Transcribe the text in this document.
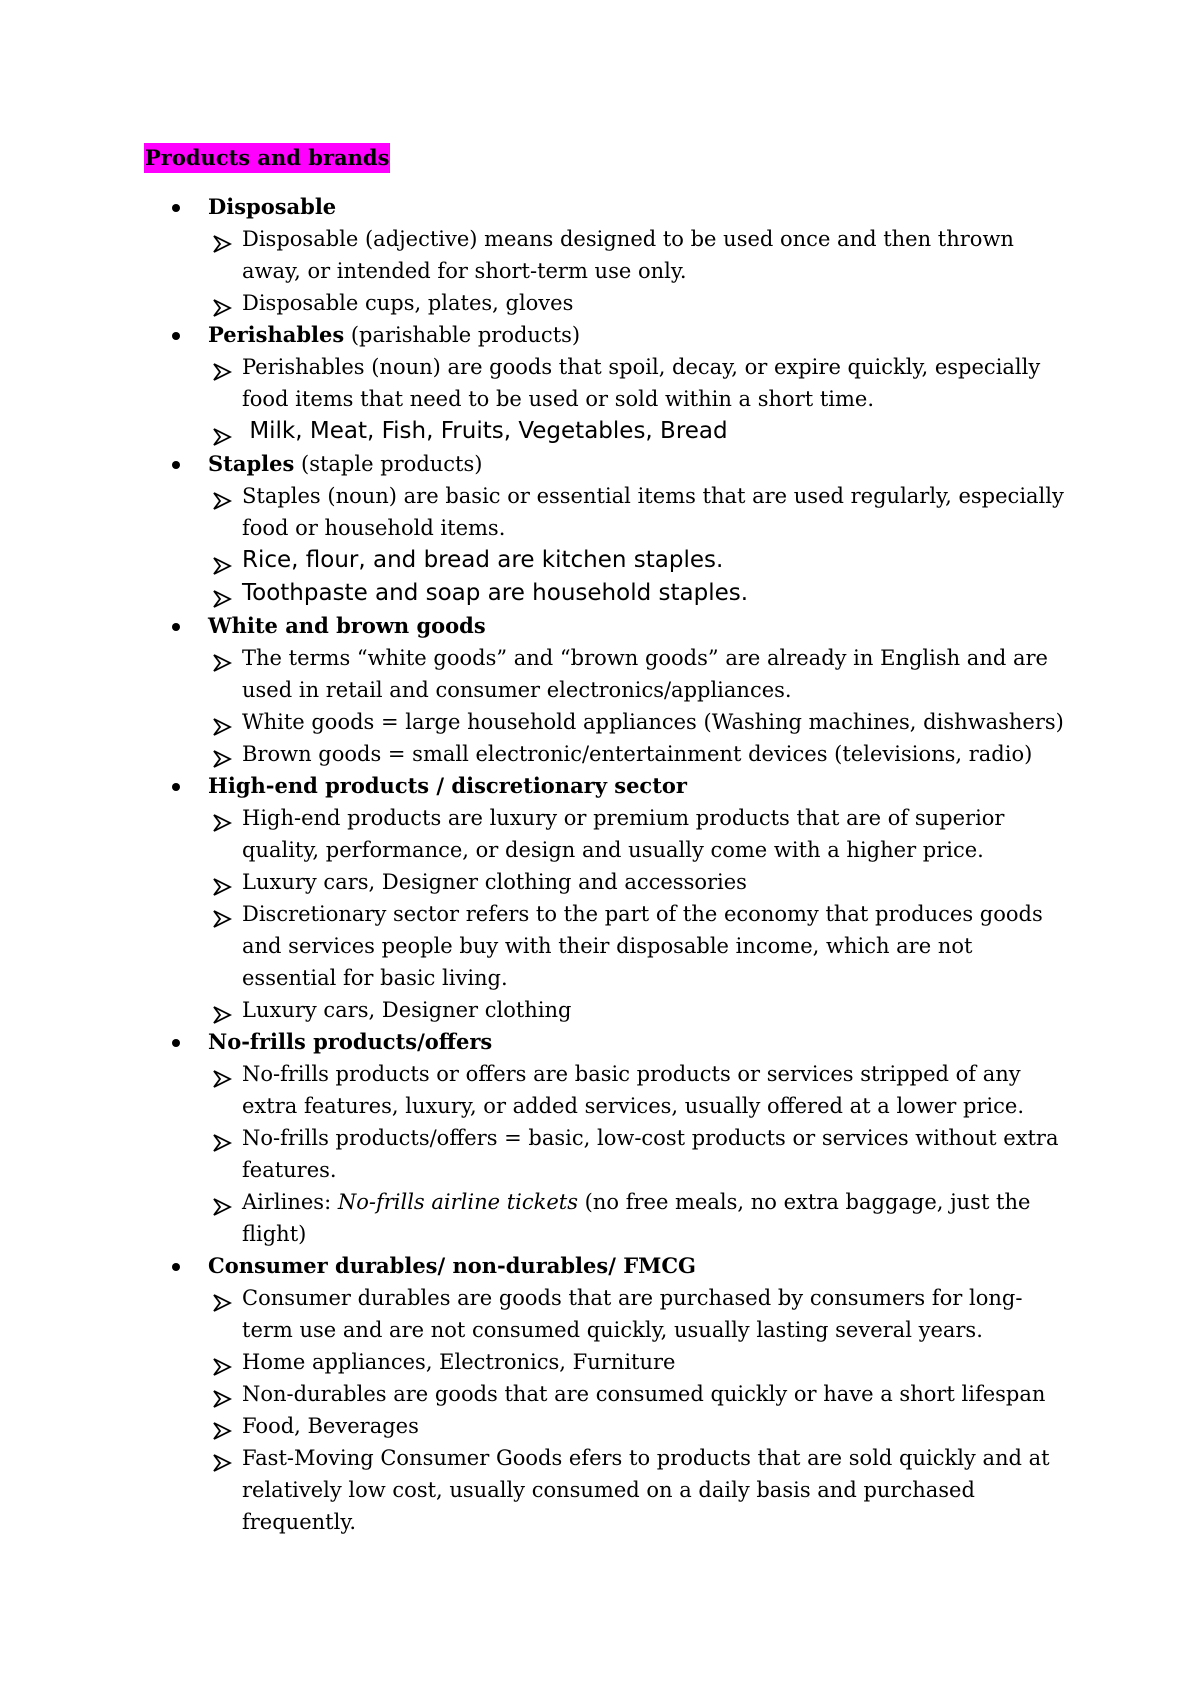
Products and brands
Disposable
Disposable (adjective) means designed to be used once and then thrown away, or intended for short-term use only.
Disposable cups, plates, gloves
Perishables (parishable products)
Perishables (noun) are goods that spoil, decay, or expire quickly, especially food items that need to be used or sold within a short time.
Milk, Meat, Fish, Fruits, Vegetables, Bread
Staples (staple products)
Staples (noun) are basic or essential items that are used regularly, especially food or household items.
Rice, flour, and bread are kitchen staples.
Toothpaste and soap are household staples.
White and brown goods
The terms “white goods” and “brown goods” are already in English and are used in retail and consumer electronics/appliances.
White goods = large household appliances (Washing machines, dishwashers)
Brown goods = small electronic/entertainment devices (televisions, radio)
High-end products / discretionary sector
High-end products are luxury or premium products that are of superior quality, performance, or design and usually come with a higher price.
Luxury cars, Designer clothing and accessories
Discretionary sector refers to the part of the economy that produces goods and services people buy with their disposable income, which are not essential for basic living.
Luxury cars, Designer clothing
No-frills products/offers
No-frills products or offers are basic products or services stripped of any extra features, luxury, or added services, usually offered at a lower price.
No-frills products/offers = basic, low-cost products or services without extra features.
Airlines: No-frills airline tickets (no free meals, no extra baggage, just the flight)
Consumer durables/ non-durables/ FMCG
Consumer durables are goods that are purchased by consumers for long-term use and are not consumed quickly, usually lasting several years.
Home appliances, Electronics, Furniture
Non-durables are goods that are consumed quickly or have a short lifespan
Food, Beverages
Fast-Moving Consumer Goods efers to products that are sold quickly and at relatively low cost, usually consumed on a daily basis and purchased frequently.
